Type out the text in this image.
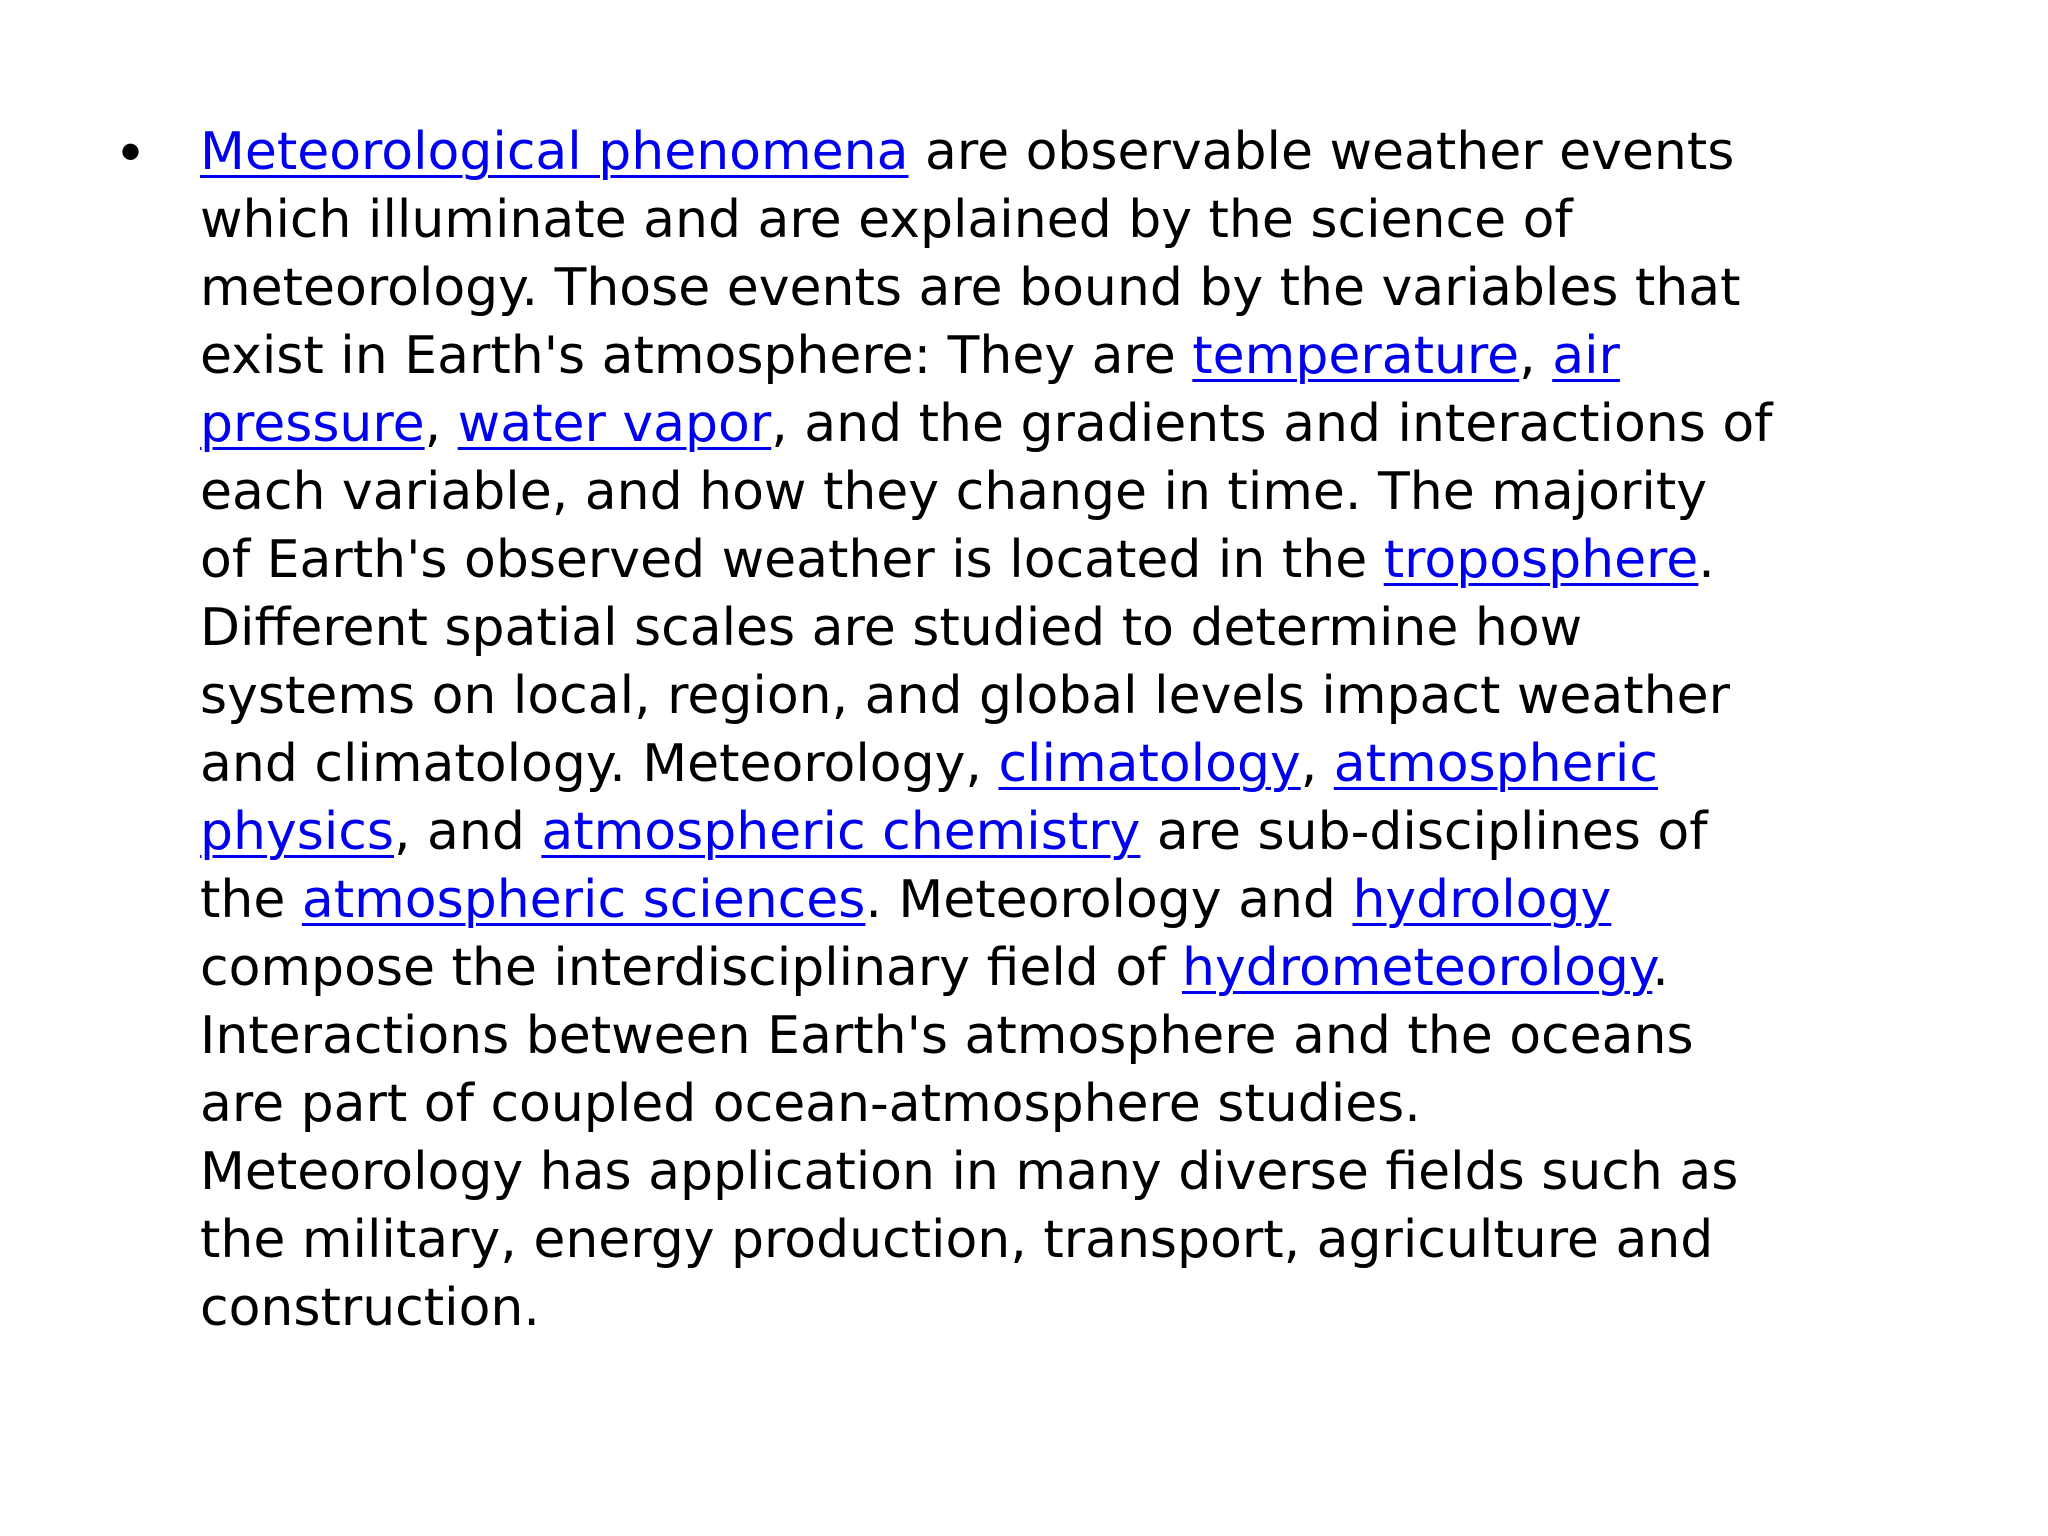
•	Meteorological phenomena are observable weather events
which illuminate and are explained by the science of
meteorology. Those events are bound by the variables that
exist in Earth's atmosphere: They are temperature, air
pressure, water vapor, and the gradients and interactions of
each variable, and how they change in time. The majority
of Earth's observed weather is located in the troposphere.
Different spatial scales are studied to determine how
systems on local, region, and global levels impact weather
and climatology. Meteorology, climatology, atmospheric
physics, and atmospheric chemistry are sub-disciplines of
the atmospheric sciences. Meteorology and hydrology
compose the interdisciplinary field of hydrometeorology.
Interactions between Earth's atmosphere and the oceans
are part of coupled ocean-atmosphere studies.
Meteorology has application in many diverse fields such as
the military, energy production, transport, agriculture and
construction.
